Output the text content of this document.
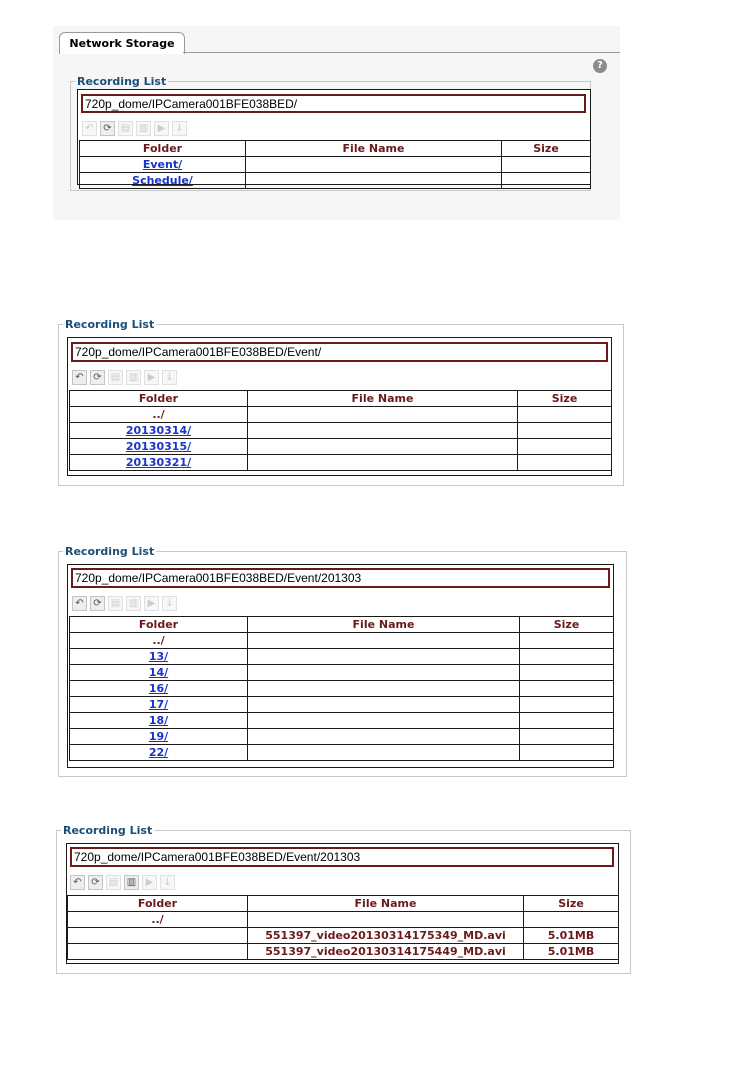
Network Storage
?
Recording List
720p_dome/IPCamera001BFE038BED/
↶ ⟳ ▤ ▥ ▶ ↓
Folder	File Name	Size
Event/		
Schedule/		
Recording List
720p_dome/IPCamera001BFE038BED/Event/
↶ ⟳ ▤ ▥ ▶ ↓
Folder	File Name	Size
../		
20130314/		
20130315/		
20130321/		
Recording List
720p_dome/IPCamera001BFE038BED/Event/201303
↶ ⟳ ▤ ▥ ▶ ↓
Folder	File Name	Size
../		
13/		
14/		
16/		
17/		
18/		
19/		
22/		
Recording List
720p_dome/IPCamera001BFE038BED/Event/201303
↶ ⟳ ▤ ▥ ▶ ↓
Folder	File Name	Size
../		
	551397_video20130314175349_MD.avi	5.01MB
	551397_video20130314175449_MD.avi	5.01MB
